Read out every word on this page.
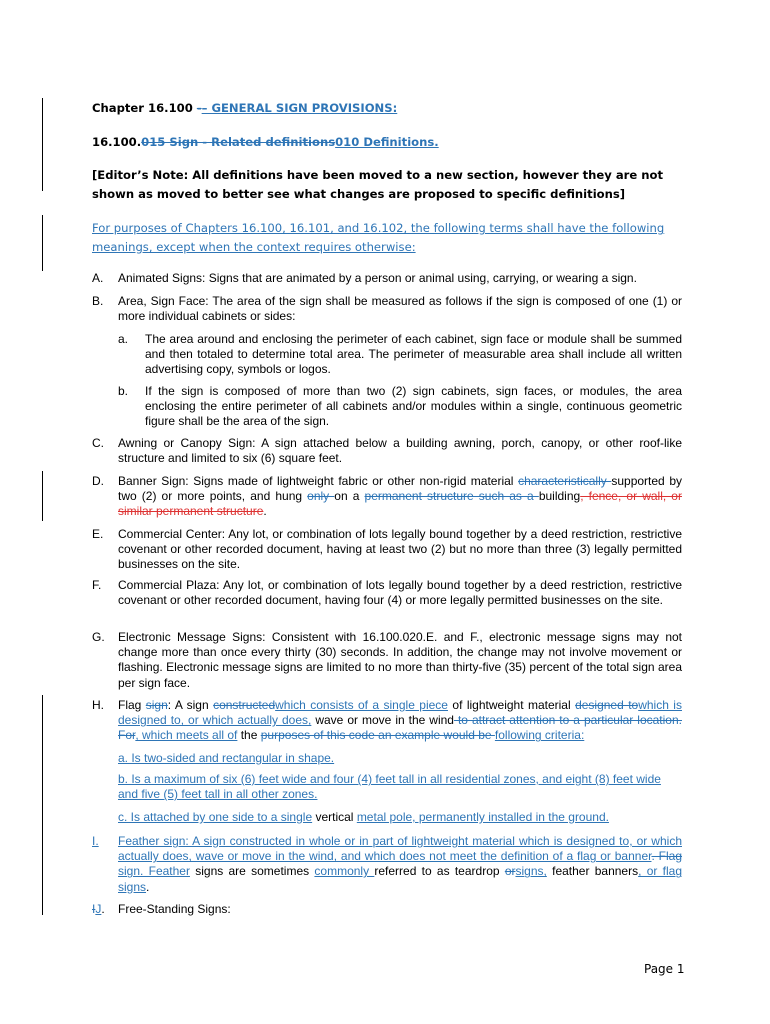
Chapter 16.100 -– GENERAL SIGN PROVISIONS:
16.100.015 Sign - Related definitions010 Definitions.
[Editor’s Note: All definitions have been moved to a new section, however they are not shown as moved to better see what changes are proposed to specific definitions]
For purposes of Chapters 16.100, 16.101, and 16.102, the following terms shall have the following meanings, except when the context requires otherwise:
A. Animated Signs: Signs that are animated by a person or animal using, carrying, or wearing a sign.
B. Area, Sign Face: The area of the sign shall be measured as follows if the sign is composed of one (1) or more individual cabinets or sides:
a. The area around and enclosing the perimeter of each cabinet, sign face or module shall be summed and then totaled to determine total area. The perimeter of measurable area shall include all written advertising copy, symbols or logos.
b. If the sign is composed of more than two (2) sign cabinets, sign faces, or modules, the area enclosing the entire perimeter of all cabinets and/or modules within a single, continuous geometric figure shall be the area of the sign.
C. Awning or Canopy Sign: A sign attached below a building awning, porch, canopy, or other roof-like structure and limited to six (6) square feet.
D. Banner Sign: Signs made of lightweight fabric or other non-rigid material characteristically supported by two (2) or more points, and hung only on a permanent structure such as a building, fence, or wall, or similar permanent structure.
E. Commercial Center: Any lot, or combination of lots legally bound together by a deed restriction, restrictive covenant or other recorded document, having at least two (2) but no more than three (3) legally permitted businesses on the site.
F. Commercial Plaza: Any lot, or combination of lots legally bound together by a deed restriction, restrictive covenant or other recorded document, having four (4) or more legally permitted businesses on the site.
G. Electronic Message Signs: Consistent with 16.100.020.E. and F., electronic message signs may not change more than once every thirty (30) seconds. In addition, the change may not involve movement or flashing. Electronic message signs are limited to no more than thirty-five (35) percent of the total sign area per sign face.
H. Flag sign: A sign constructedwhich consists of a single piece of lightweight material designed towhich is designed to, or which actually does, wave or move in the wind to attract attention to a particular location. For, which meets all of the purposes of this code an example would be following criteria:
a. Is two-sided and rectangular in shape.
b. Is a maximum of six (6) feet wide and four (4) feet tall in all residential zones, and eight (8) feet wide and five (5) feet tall in all other zones.
c. Is attached by one side to a single vertical metal pole, permanently installed in the ground.
I. Feather sign: A sign constructed in whole or in part of lightweight material which is designed to, or which actually does, wave or move in the wind, and which does not meet the definition of a flag or banner. Flag sign. Feather signs are sometimes commonly referred to as teardrop orsigns, feather banners, or flag signs.
IJ. Free-Standing Signs:
Page 1
